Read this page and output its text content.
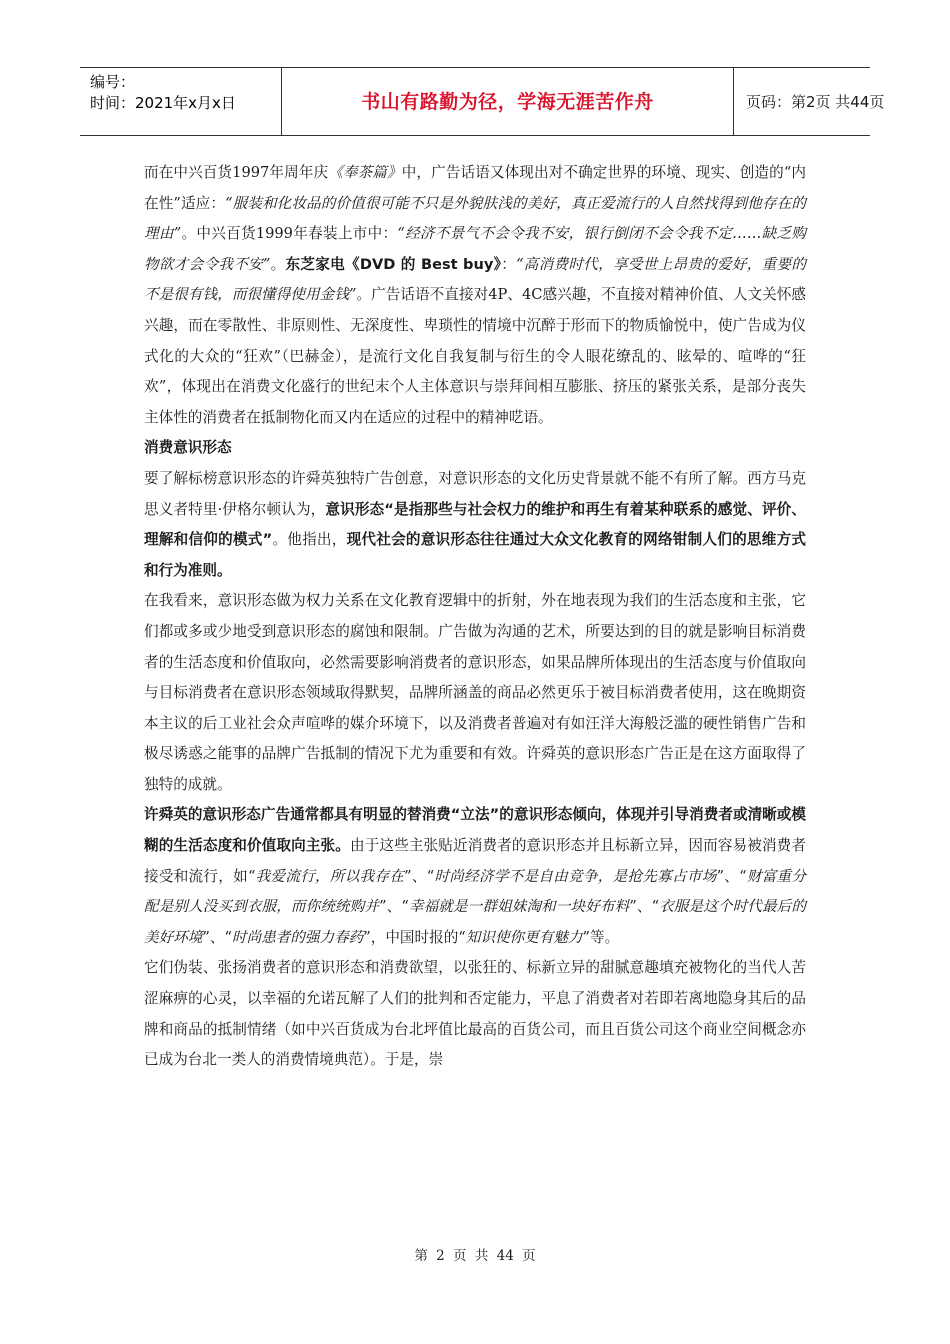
编号：
时间：2021年x月x日	书山有路勤为径，学海无涯苦作舟	页码：第2页 共44页

而在中兴百货1997年周年庆《奉茶篇》中，广告话语又体现出对不确定世界的环境、现实、创造的“内在性”适应：“服装和化妆品的价值很可能不只是外貌肤浅的美好，真正爱流行的人自然找得到他存在的理由”。中兴百货1999年春装上市中：“经济不景气不会令我不安，银行倒闭不会令我不定……缺乏购物欲才会令我不安”。东芝家电《DVD 的 Best buy》：“高消费时代，享受世上昂贵的爱好，重要的不是很有钱，而很懂得使用金钱”。广告话语不直接对4P、4C感兴趣，不直接对精神价值、人文关怀感兴趣，而在零散性、非原则性、无深度性、卑琐性的情境中沉醉于形而下的物质愉悦中，使广告成为仪式化的大众的“狂欢”（巴赫金），是流行文化自我复制与衍生的令人眼花缭乱的、眩晕的、喧哗的“狂欢”，体现出在消费文化盛行的世纪末个人主体意识与崇拜间相互膨胀、挤压的紧张关系，是部分丧失主体性的消费者在抵制物化而又内在适应的过程中的精神呓语。

消费意识形态

要了解标榜意识形态的许舜英独特广告创意，对意识形态的文化历史背景就不能不有所了解。西方马克思义者特里·伊格尔顿认为，意识形态“是指那些与社会权力的维护和再生有着某种联系的感觉、评价、理解和信仰的模式”。他指出，现代社会的意识形态往往通过大众文化教育的网络钳制人们的思维方式和行为准则。

在我看来，意识形态做为权力关系在文化教育逻辑中的折射，外在地表现为我们的生活态度和主张，它们都或多或少地受到意识形态的腐蚀和限制。广告做为沟通的艺术，所要达到的目的就是影响目标消费者的生活态度和价值取向，必然需要影响消费者的意识形态，如果品牌所体现出的生活态度与价值取向与目标消费者在意识形态领域取得默契，品牌所涵盖的商品必然更乐于被目标消费者使用，这在晚期资本主议的后工业社会众声喧哗的媒介环境下，以及消费者普遍对有如汪洋大海般泛滥的硬性销售广告和极尽诱惑之能事的品牌广告抵制的情况下尤为重要和有效。许舜英的意识形态广告正是在这方面取得了独特的成就。

许舜英的意识形态广告通常都具有明显的替消费“立法”的意识形态倾向，体现并引导消费者或清晰或模糊的生活态度和价值取向主张。由于这些主张贴近消费者的意识形态并且标新立异，因而容易被消费者接受和流行，如“我爱流行，所以我存在”、“时尚经济学不是自由竞争，是抢先寡占市场”、“财富重分配是别人没买到衣服，而你统统购并”、“幸福就是一群姐妹淘和一块好布料”、“衣服是这个时代最后的美好环境”、“时尚患者的强力春药”，中国时报的“知识使你更有魅力”等。

它们伪装、张扬消费者的意识形态和消费欲望，以张狂的、标新立异的甜腻意趣填充被物化的当代人苦涩麻痹的心灵，以幸福的允诺瓦解了人们的批判和否定能力，平息了消费者对若即若离地隐身其后的品牌和商品的抵制情绪（如中兴百货成为台北坪值比最高的百货公司，而且百货公司这个商业空间概念亦已成为台北一类人的消费情境典范）。于是，崇

第 2 页 共 44 页
